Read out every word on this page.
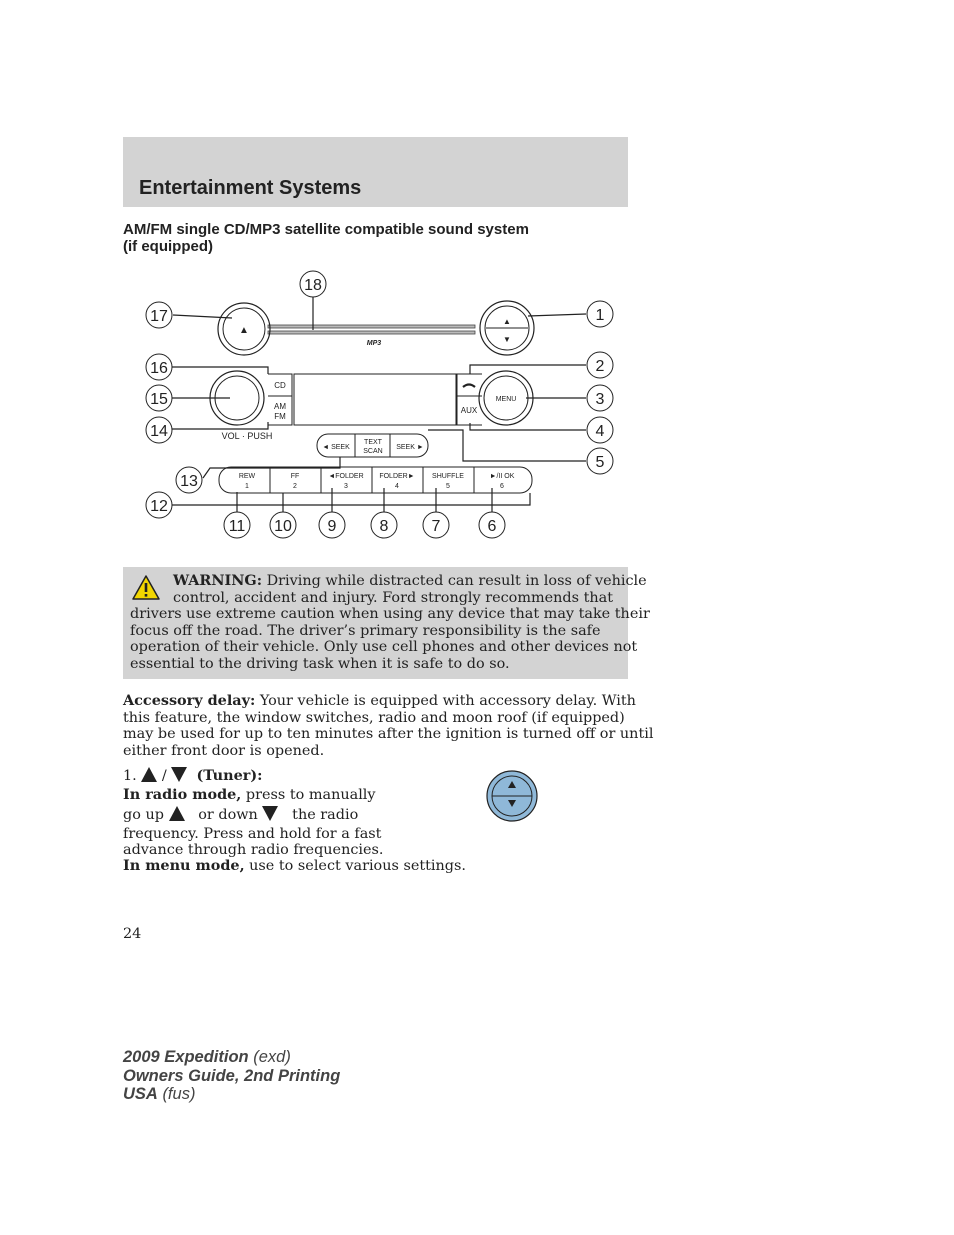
Entertainment Systems
AM/FM single CD/MP3 satellite compatible sound system
(if equipped)
MP3
▲
▲
▼
VOL · PUSH
CD
AM
FM
AUX
MENU
◄ SEEK
TEXT
SCAN
SEEK ►
REW
1
FF
2
◄FOLDER
3
FOLDER►
4
SHUFFLE
5
►/II OK
6
1
2
3
4
5
6
7
8
9
10
11
12
13
14
15
16
17
18
WARNING: Driving while distracted can result in loss of vehicle
control, accident and injury. Ford strongly recommends that
drivers use extreme caution when using any device that may take their
focus off the road. The driver’s primary responsibility is the safe
operation of their vehicle. Only use cell phones and other devices not
essential to the driving task when it is safe to do so.
Accessory delay: Your vehicle is equipped with accessory delay. With
this feature, the window switches, radio and moon roof (if equipped)
may be used for up to ten minutes after the ignition is turned off or until
either front door is opened.
1. / (Tuner):
In radio mode, press to manually
go up or down the radio
frequency. Press and hold for a fast
advance through radio frequencies.
In menu mode, use to select various settings.
24
2009 Expedition (exd)
Owners Guide, 2nd Printing
USA (fus)
